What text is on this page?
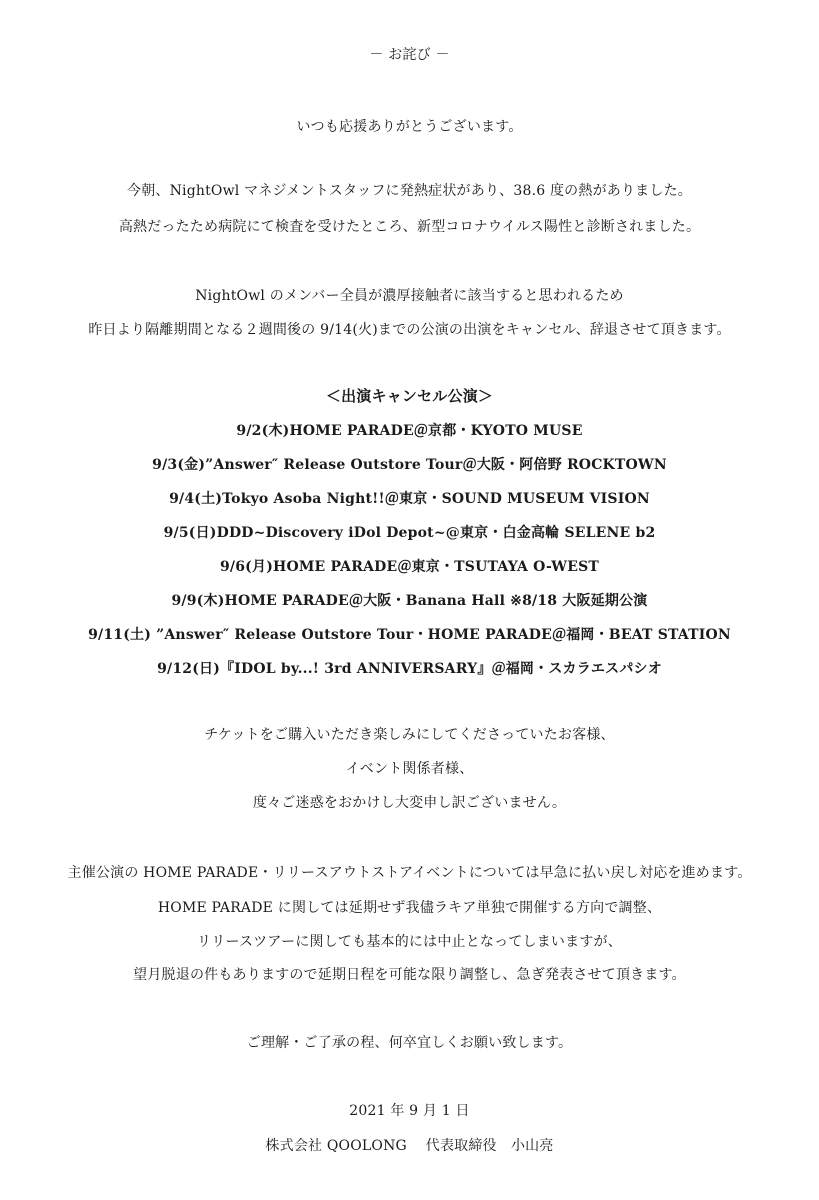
－ お詫び －
いつも応援ありがとうございます。
今朝、NightOwl マネジメントスタッフに発熱症状があり、38.6 度の熱がありました。
高熱だったため病院にて検査を受けたところ、新型コロナウイルス陽性と診断されました。
NightOwl のメンバー全員が濃厚接触者に該当すると思われるため
昨日より隔離期間となる２週間後の 9/14(火)までの公演の出演をキャンセル、辞退させて頂きます。
＜出演キャンセル公演＞
9/2(木)HOME PARADE＠京都・KYOTO MUSE
9/3(金)”Answer″ Release Outstore Tour＠大阪・阿倍野 ROCKTOWN
9/4(土)Tokyo Asoba Night!!＠東京・SOUND MUSEUM VISION
9/5(日)DDD~Discovery iDol Depot~@東京・白金高輪 SELENE b2
9/6(月)HOME PARADE＠東京・TSUTAYA O-WEST
9/9(木)HOME PARADE＠大阪・Banana Hall ※8/18 大阪延期公演
9/11(土) ”Answer″ Release Outstore Tour・HOME PARADE＠福岡・BEAT STATION
9/12(日)『IDOL by...! 3rd ANNIVERSARY』＠福岡・スカラエスパシオ
チケットをご購入いただき楽しみにしてくださっていたお客様、
イベント関係者様、
度々ご迷惑をおかけし大変申し訳ございません。
主催公演の HOME PARADE・リリースアウトストアイベントについては早急に払い戻し対応を進めます。
HOME PARADE に関しては延期せず我儘ラキア単独で開催する方向で調整、
リリースツアーに関しても基本的には中止となってしまいますが、
望月脱退の件もありますので延期日程を可能な限り調整し、急ぎ発表させて頂きます。
ご理解・ご了承の程、何卒宜しくお願い致します。
2021 年 9 月 1 日
株式会社 QOOLONG　 代表取締役　小山亮
